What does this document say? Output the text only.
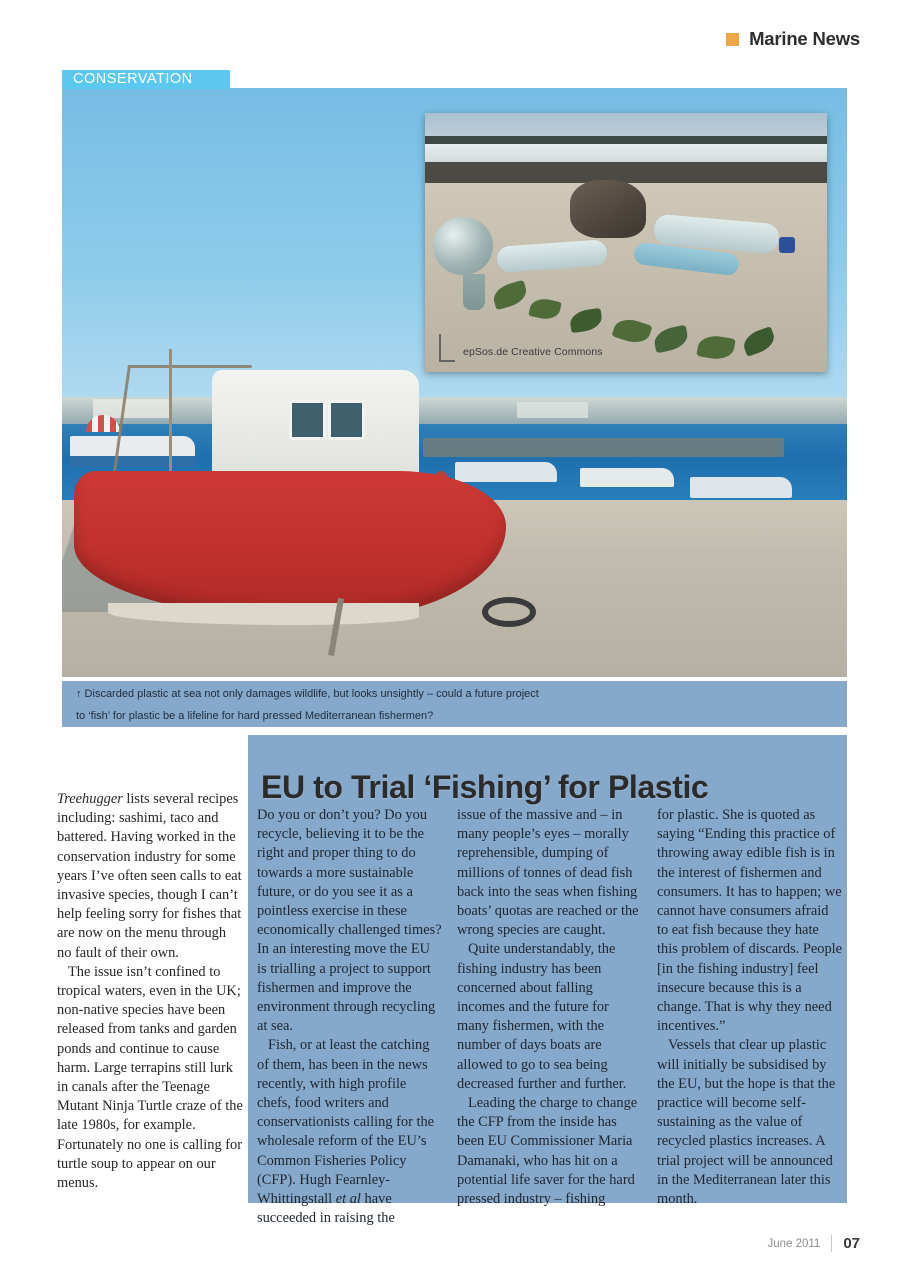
Marine News
CONSERVATION
epSos.de Creative Commons
↑ Discarded plastic at sea not only damages wildlife, but looks unsightly – could a future project
to ‘fish’ for plastic be a lifeline for hard pressed Mediterranean fishermen?
EU to Trial ‘Fishing’ for Plastic

Treehugger lists several recipes including: sashimi, taco and battered. Having worked in the conservation industry for some years I’ve often seen calls to eat invasive species, though I can’t help feeling sorry for fishes that are now on the menu through no fault of their own.

The issue isn’t confined to tropical waters, even in the UK; non-native species have been released from tanks and garden ponds and continue to cause harm. Large terrapins still lurk in canals after the Teenage Mutant Ninja Turtle craze of the late 1980s, for example. Fortunately no one is calling for turtle soup to appear on our menus.

Do you or don’t you? Do you recycle, believing it to be the right and proper thing to do towards a more sustainable future, or do you see it as a pointless exercise in these economically challenged times? In an interesting move the EU is trialling a project to support fishermen and improve the environment through recycling at sea.

Fish, or at least the catching of them, has been in the news recently, with high profile chefs, food writers and conservationists calling for the wholesale reform of the EU’s Common Fisheries Policy (CFP). Hugh Fearnley-Whittingstall et al have succeeded in raising the

issue of the massive and – in many people’s eyes – morally reprehensible, dumping of millions of tonnes of dead fish back into the seas when fishing boats’ quotas are reached or the wrong species are caught.

Quite understandably, the fishing industry has been concerned about falling incomes and the future for many fishermen, with the number of days boats are allowed to go to sea being decreased further and further.

Leading the charge to change the CFP from the inside has been EU Commissioner Maria Damanaki, who has hit on a potential life saver for the hard pressed industry – fishing

for plastic. She is quoted as saying “Ending this practice of throwing away edible fish is in the interest of fishermen and consumers. It has to happen; we cannot have consumers afraid to eat fish because they hate this problem of discards. People [in the fishing industry] feel insecure because this is a change. That is why they need incentives.”

Vessels that clear up plastic will initially be subsidised by the EU, but the hope is that the practice will become self-sustaining as the value of recycled plastics increases. A trial project will be announced in the Mediterranean later this month.

June 2011 07
